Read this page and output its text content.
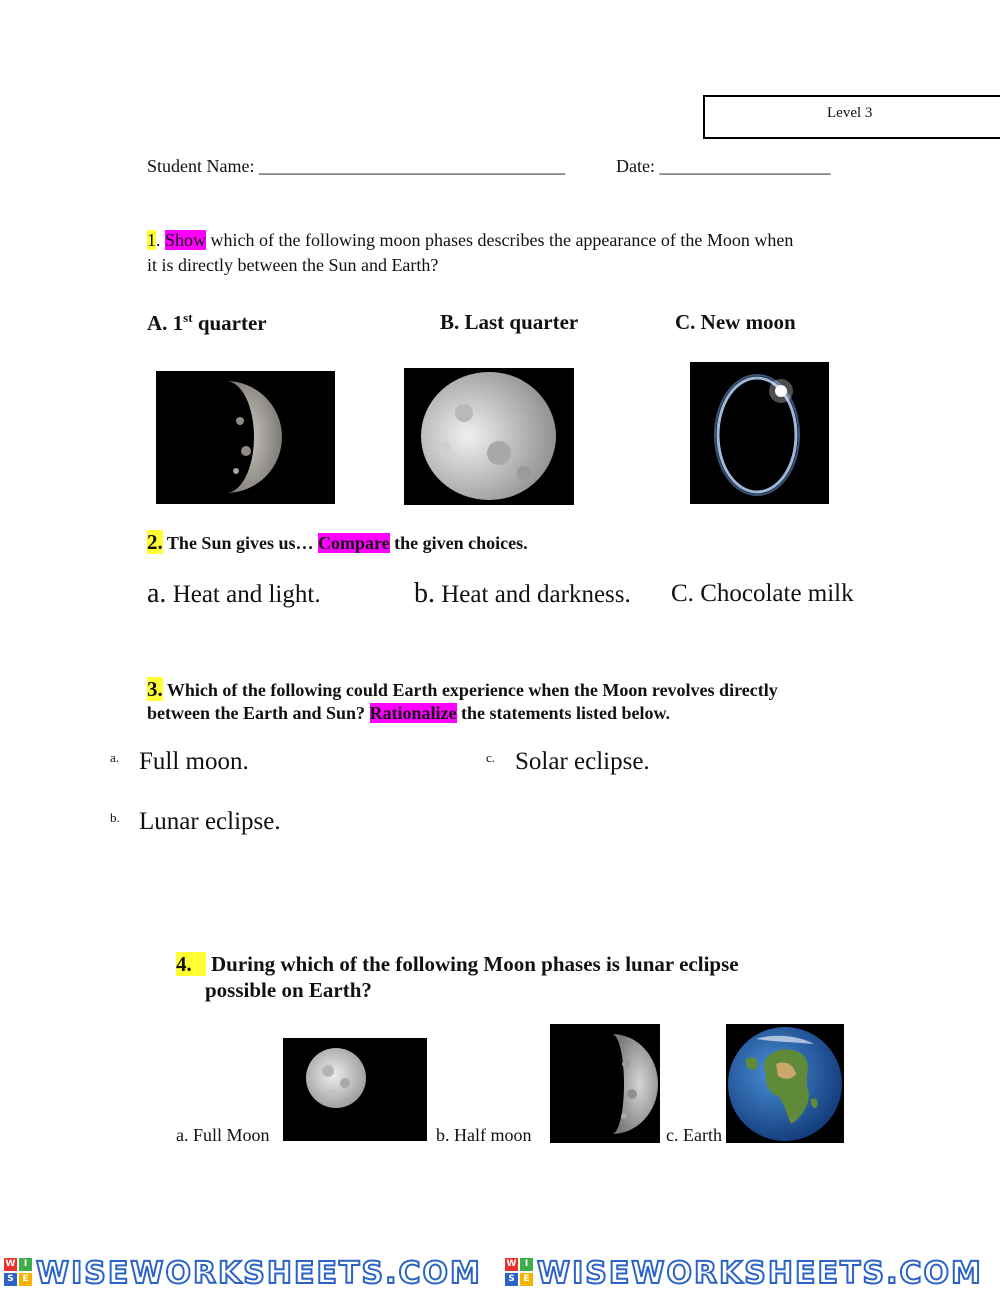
Level 3
Student Name: __________________________________	Date: ___________________
1. Show which of the following moon phases describes the appearance of the Moon when
it is directly between the Sun and Earth?
A. 1st quarter	B. Last quarter	C. New moon
2. The Sun gives us… Compare the given choices.
a. Heat and light.	b. Heat and darkness. C. Chocolate milk
3. Which of the following could Earth experience when the Moon revolves directly
between the Earth and Sun? Rationalize the statements listed below.
a. Full moon.	c. Solar eclipse.
b. Lunar eclipse.
4. During which of the following Moon phases is lunar eclipse
possible on Earth?
a. Full Moon	b. Half moon	c. Earth
W I
S E WISEWORKSHEETS.COM	W I
S E WISEWORKSHEETS.COM
